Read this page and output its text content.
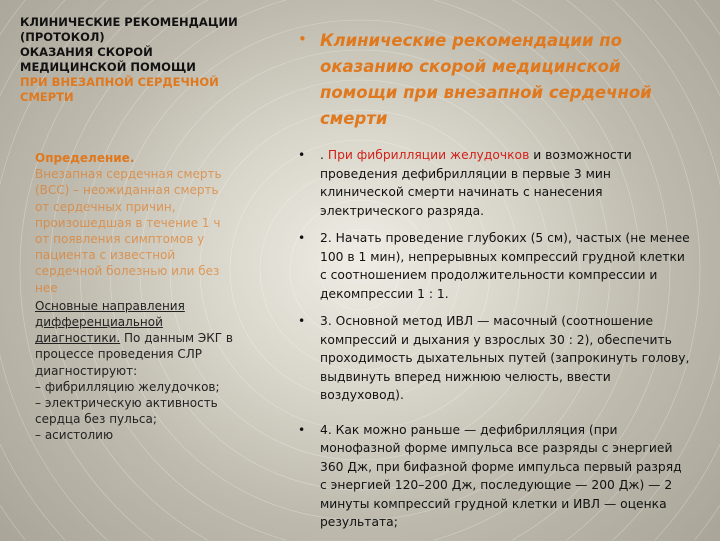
КЛИНИЧЕСКИЕ РЕКОМЕНДАЦИИ
(ПРОТОКОЛ)
ОКАЗАНИЯ СКОРОЙ
МЕДИЦИНСКОЙ ПОМОЩИ
ПРИ ВНЕЗАПНОЙ СЕРДЕЧНОЙ
СМЕРТИ

Определение.

Внезапная сердечная смерть (ВСС) – неожиданная смерть от сердечных причин, произошедшая в течение 1 ч от появления симптомов у пациента с известной сердечной болезнью или без нее

Основные направления дифференциальной диагностики. По данным ЭКГ в процессе проведения СЛР диагностируют:

– фибрилляцию желудочков;

– электрическую активность сердца без пульса;

– асистолию

• Клинические рекомендации по оказанию скорой медицинской помощи при внезапной сердечной смерти
•	. При фибрилляции желудочков и возможности проведения дефибрилляции в первые 3 мин клинической смерти начинать с нанесения электрического разряда.
•	2. Начать проведение глубоких (5 см), частых (не менее 100 в 1 мин), непрерывных компрессий грудной клетки с соотношением продолжительности компрессии и декомпрессии 1 : 1.
•	3. Основной метод ИВЛ — масочный (соотношение компрессий и дыхания у взрослых 30 : 2), обеспечить проходимость дыхательных путей (запрокинуть голову, выдвинуть вперед нижнюю челюсть, ввести воздуховод).
•	4. Как можно раньше — дефибрилляция (при монофазной форме импульса все разряды с энергией 360 Дж, при бифазной форме импульса первый разряд с энергией 120–200 Дж, последующие — 200 Дж) — 2 минуты компрессий грудной клетки и ИВЛ — оценка результата;
